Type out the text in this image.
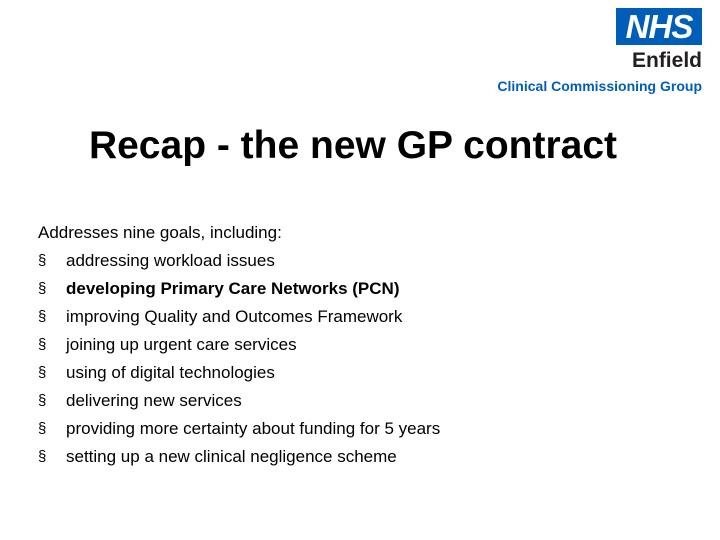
NHS
Enfield
Clinical Commissioning Group
Recap - the new GP contract
Addresses nine goals, including:
§	addressing workload issues
§	developing Primary Care Networks (PCN)
§	improving Quality and Outcomes Framework
§	joining up urgent care services
§	using of digital technologies
§	delivering new services
§	providing more certainty about funding for 5 years
§	setting up a new clinical negligence scheme
